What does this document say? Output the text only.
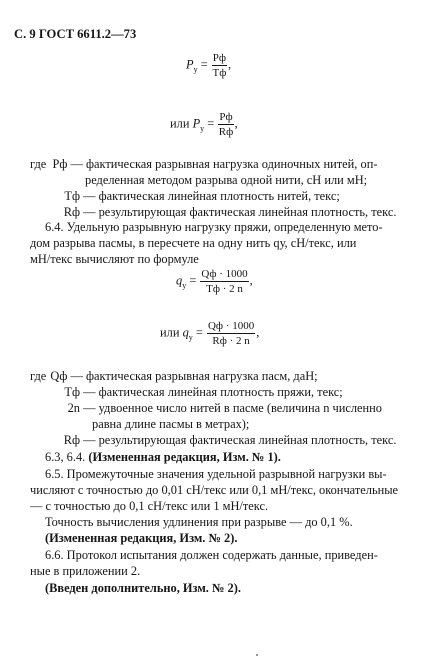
С. 9 ГОСТ 6611.2—73
$P_у = \frac{Pф}{Tф}$ ,
или $P_у = \frac{Pф}{Rф}$ ,
где Pф — фактическая разрывная нагрузка одиночных нитей, оп-
ределенная методом разрыва одной нити, сН или мН;
Tф — фактическая линейная плотность нитей, текс;
Rф — результирующая фактическая линейная плотность, текс.
6.4. Удельную разрывную нагрузку пряжи, определенную мето-
дом разрыва пасмы, в пересчете на одну нить qу, сН/текс, или
мН/текс вычисляют по формуле
$q_у = \frac{Qф \cdot 1000}{Tф \cdot 2 n}$ ,
или $q_у = \frac{Qф \cdot 1000}{Rф \cdot 2 n}$ ,
где Qф — фактическая разрывная нагрузка пасм, даН;
Tф — фактическая линейная плотность пряжи, текс;
2n — удвоенное число нитей в пасме (величина n численно
равна длине пасмы в метрах);
Rф — результирующая фактическая линейная плотность, текс.
6.3, 6.4. (Измененная редакция, Изм. № 1).
6.5. Промежуточные значения удельной разрывной нагрузки вы-
числяют с точностью до 0,01 сН/текс или 0,1 мН/текс, окончательные
— с точностью до 0,1 сН/текс или 1 мН/текс.
Точность вычисления удлинения при разрыве — до 0,1 %.
(Измененная редакция, Изм. № 2).
6.6. Протокол испытания должен содержать данные, приведен-
ные в приложении 2.
(Введен дополнительно, Изм. № 2).
